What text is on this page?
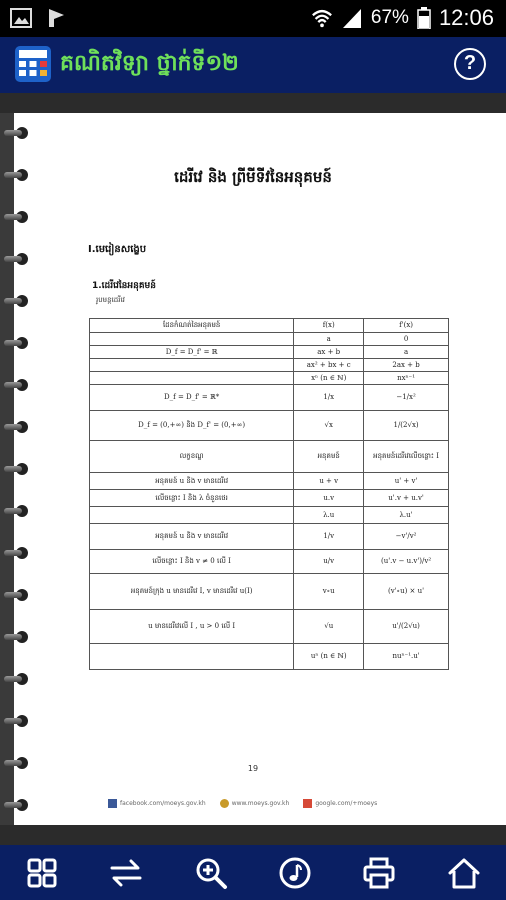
67% 12:06
គណិតវិទ្យា ថ្នាក់ទី១២	?
ដេរីវេ និង ព្រីមីទីវនៃអនុគមន៍
I.មេរៀនសង្ខេប
1.ដេរីវេនៃអនុគមន៍
រូបមន្តដេរីវេ
ដែនកំណត់នៃអនុគមន៍	f(x)	f'(x)
	a	0
D_f = D_f' = ℝ	ax + b	a
	ax² + bx + c	2ax + b
	xⁿ (n ∈ ℕ)	nxⁿ⁻¹
D_f = D_f' = ℝ*	1/x	−1/x²
D_f = (0,+∞) និង D_f' = (0,+∞)	√x	1/(2√x)
លក្ខខណ្ឌ	អនុគមន៍	អនុគមន៍ដេរីវេលើចន្លោះ I
អនុគមន៍ u និង v មានដេរីវេ	u + v	u' + v'
លើចន្លោះ I និង λ ចំនួនថេរ	u.v	u'.v + u.v'
	λ.u	λ.u'
អនុគមន៍ u និង v មានដេរីវេ	1/v	−v'/v²
លើចន្លោះ I និង v ≠ 0 លើ I	u/v	(u'.v − u.v')/v²
អនុគមន៍ក្រុង u មានដេរីវេ I, v មានដេរីវេ u(I)	v∘u	(v'∘u) × u'
u មានដេរីវេលើ I , u > 0 លើ I	√u	u'/(2√u)
	uⁿ (n ∈ ℕ)	nuⁿ⁻¹.u'
19
facebook.com/moeys.gov.kh	www.moeys.gov.kh	google.com/+moeys
